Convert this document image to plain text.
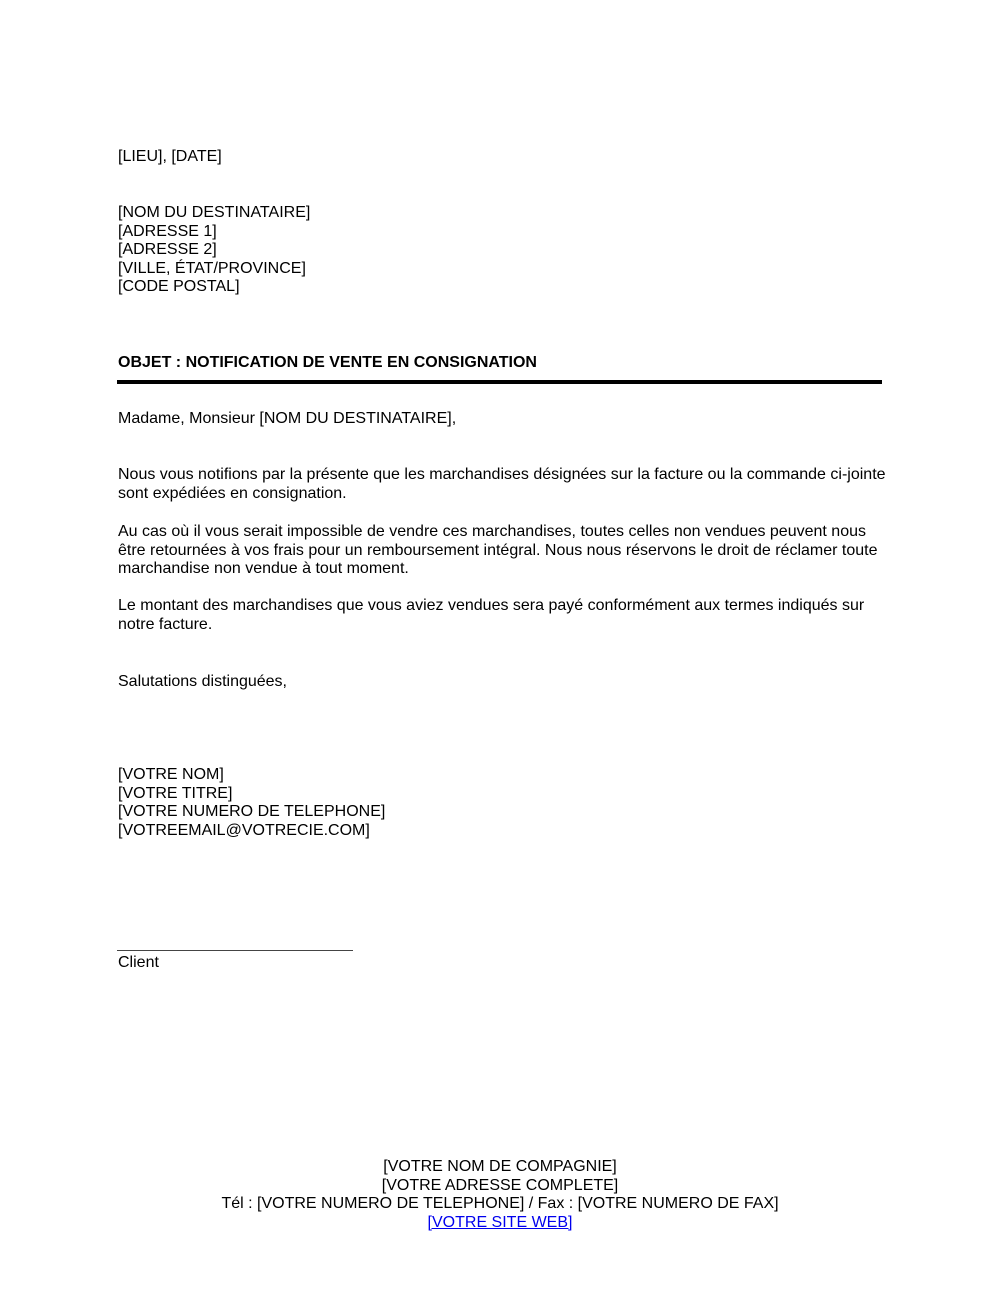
[LIEU], [DATE]
[NOM DU DESTINATAIRE]
[ADRESSE 1]
[ADRESSE 2]
[VILLE, ÉTAT/PROVINCE]
[CODE POSTAL]
OBJET : NOTIFICATION DE VENTE EN CONSIGNATION
Madame, Monsieur [NOM DU DESTINATAIRE],
Nous vous notifions par la présente que les marchandises désignées sur la facture ou la commande ci-jointe sont expédiées en consignation.
Au cas où il vous serait impossible de vendre ces marchandises, toutes celles non vendues peuvent nous être retournées à vos frais pour un remboursement intégral. Nous nous réservons le droit de réclamer toute marchandise non vendue à tout moment.
Le montant des marchandises que vous aviez vendues sera payé conformément aux termes indiqués sur notre facture.
Salutations distinguées,
[VOTRE NOM]
[VOTRE TITRE]
[VOTRE NUMERO DE TELEPHONE]
[VOTREEMAIL@VOTRECIE.COM]
Client
[VOTRE NOM DE COMPAGNIE]
[VOTRE ADRESSE COMPLETE]
Tél : [VOTRE NUMERO DE TELEPHONE] / Fax : [VOTRE NUMERO DE FAX]
[VOTRE SITE WEB]
